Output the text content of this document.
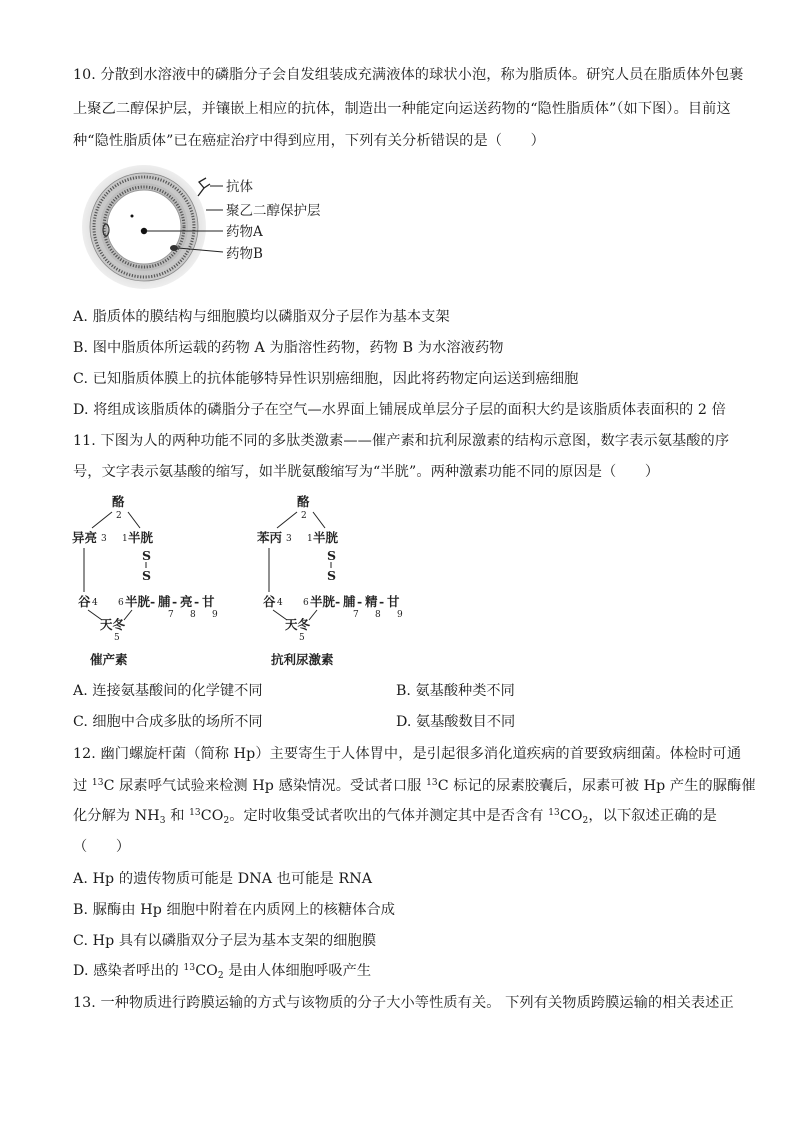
10. 分散到水溶液中的磷脂分子会自发组装成充满液体的球状小泡，称为脂质体。研究人员在脂质体外包裹
上聚乙二醇保护层，并镶嵌上相应的抗体，制造出一种能定向运送药物的“隐性脂质体”（如下图）。目前这
种“隐性脂质体”已在癌症治疗中得到应用，下列有关分析错误的是（　　）
抗体
聚乙二醇保护层
药物A
药物B
A. 脂质体的膜结构与细胞膜均以磷脂双分子层作为基本支架
B. 图中脂质体所运载的药物 A 为脂溶性药物，药物 B 为水溶液药物
C. 已知脂质体膜上的抗体能够特异性识别癌细胞，因此将药物定向运送到癌细胞
D. 将组成该脂质体的磷脂分子在空气—水界面上铺展成单层分子层的面积大约是该脂质体表面积的 2 倍
11. 下图为人的两种功能不同的多肽类激素——催产素和抗利尿激素的结构示意图，数字表示氨基酸的序
号，文字表示氨基酸的缩写，如半胱氨酸缩写为“半胱”。两种激素功能不同的原因是（　　）
酪
2
异亮 3 1 半胱
S
S
谷 4 6 半胱 - 脯 - 亮 - 甘
7 8 9
天冬
5
催产素
酪
2
苯丙 3 1 半胱
S
S
谷 4 6 半胱 - 脯 - 精 - 甘
7 8 9
天冬
5
抗利尿激素
A. 连接氨基酸间的化学键不同	B. 氨基酸种类不同
C. 细胞中合成多肽的场所不同	D. 氨基酸数目不同
12. 幽门螺旋杆菌（简称 Hp）主要寄生于人体胃中，是引起很多消化道疾病的首要致病细菌。体检时可通
过 $^{13}$C 尿素呼气试验来检测 Hp 感染情况。受试者口服 $^{13}$C 标记的尿素胶囊后，尿素可被 Hp 产生的脲酶催
化分解为 $NH_3$ 和 $^{13}CO_2$。定时收集受试者吹出的气体并测定其中是否含有 $^{13}CO_2$，以下叙述正确的是
（　　）
A. Hp 的遗传物质可能是 DNA 也可能是 RNA
B. 脲酶由 Hp 细胞中附着在内质网上的核糖体合成
C. Hp 具有以磷脂双分子层为基本支架的细胞膜
D. 感染者呼出的 $^{13}CO_2$ 是由人体细胞呼吸产生
13. 一种物质进行跨膜运输的方式与该物质的分子大小等性质有关。 下列有关物质跨膜运输的相关表述正
